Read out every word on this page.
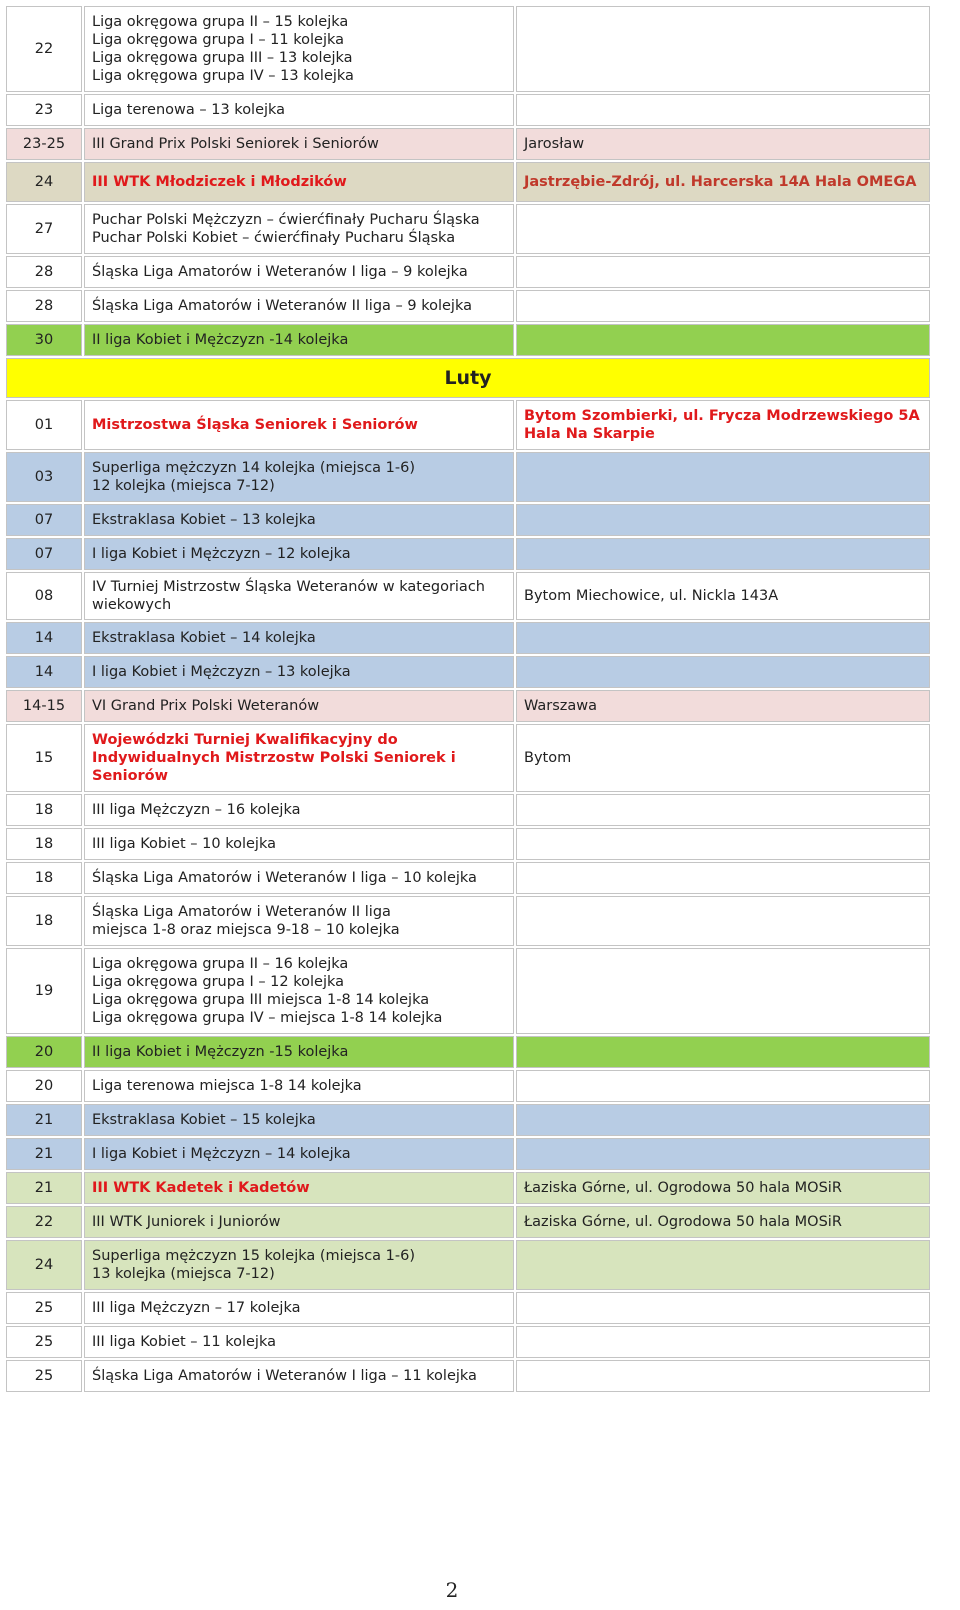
22	Liga okręgowa grupa II – 15 kolejka
Liga okręgowa grupa I – 11 kolejka
Liga okręgowa grupa III – 13 kolejka
Liga okręgowa grupa IV – 13 kolejka	
23	Liga terenowa – 13 kolejka	
23-25	III Grand Prix Polski Seniorek i Seniorów	Jarosław
24	III WTK Młodziczek i Młodzików	Jastrzębie-Zdrój, ul. Harcerska 14A Hala OMEGA
27	Puchar Polski Mężczyzn – ćwierćfinały Pucharu Śląska
Puchar Polski Kobiet – ćwierćfinały Pucharu Śląska	
28	Śląska Liga Amatorów i Weteranów I liga – 9 kolejka	
28	Śląska Liga Amatorów i Weteranów II liga – 9 kolejka	
30	II liga Kobiet i Mężczyzn -14 kolejka	
Luty		
01	Mistrzostwa Śląska Seniorek i Seniorów	Bytom Szombierki, ul. Frycza Modrzewskiego 5A Hala Na Skarpie
03	Superliga mężczyzn 14 kolejka (miejsca 1-6)
12 kolejka (miejsca 7-12)	
07	Ekstraklasa Kobiet – 13 kolejka	
07	I liga Kobiet i Mężczyzn – 12 kolejka	
08	IV Turniej Mistrzostw Śląska Weteranów w kategoriach wiekowych	Bytom Miechowice, ul. Nickla 143A
14	Ekstraklasa Kobiet – 14 kolejka	
14	I liga Kobiet i Mężczyzn – 13 kolejka	
14-15	VI Grand Prix Polski Weteranów	Warszawa
15	Wojewódzki Turniej Kwalifikacyjny do Indywidualnych Mistrzostw Polski Seniorek i Seniorów	Bytom
18	III liga Mężczyzn – 16 kolejka	
18	III liga Kobiet – 10 kolejka	
18	Śląska Liga Amatorów i Weteranów I liga – 10 kolejka	
18	Śląska Liga Amatorów i Weteranów II liga
miejsca 1-8 oraz miejsca 9-18 – 10 kolejka	
19	Liga okręgowa grupa II – 16 kolejka
Liga okręgowa grupa I – 12 kolejka
Liga okręgowa grupa III miejsca 1-8 14 kolejka
Liga okręgowa grupa IV – miejsca 1-8 14 kolejka	
20	II liga Kobiet i Mężczyzn -15 kolejka	
20	Liga terenowa miejsca 1-8 14 kolejka	
21	Ekstraklasa Kobiet – 15 kolejka	
21	I liga Kobiet i Mężczyzn – 14 kolejka	
21	III WTK Kadetek i Kadetów	Łaziska Górne, ul. Ogrodowa 50 hala MOSiR
22	III WTK Juniorek i Juniorów	Łaziska Górne, ul. Ogrodowa 50 hala MOSiR
24	Superliga mężczyzn 15 kolejka (miejsca 1-6)
13 kolejka (miejsca 7-12)	
25	III liga Mężczyzn – 17 kolejka	
25	III liga Kobiet – 11 kolejka	
25	Śląska Liga Amatorów i Weteranów I liga – 11 kolejka	
2
